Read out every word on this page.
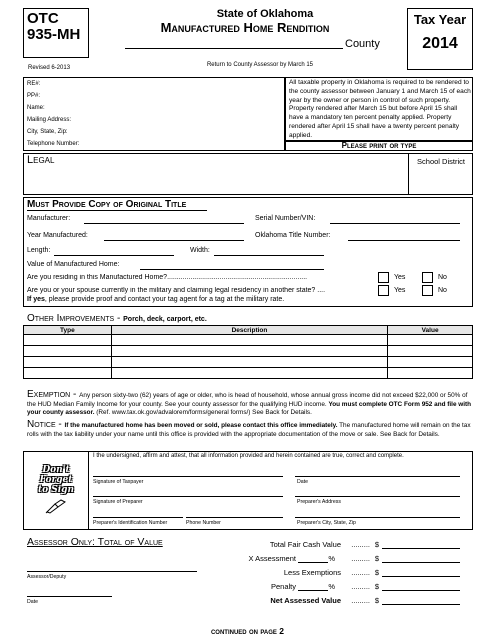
OTC
935-MH
Revised 6-2013
State of Oklahoma
Manufactured Home Rendition
County
Return to County Assessor by March 15
Tax Year
2014
RE#:
PP#:
Name:
Mailing Address:
City, State, Zip:
Telephone Number:
All taxable property in Oklahoma is required to be rendered to the county assessor between January 1 and March 15 of each year by the owner or person in control of such property. Property rendered after March 15 but before April 15 shall have a mandatory ten percent penalty applied. Property rendered after April 15 shall have a twenty percent penalty applied.
Please print or type
Legal	School District
Must Provide Copy of Original Title
Manufacturer:	Serial Number/VIN:
Year Manufactured:	Oklahoma Title Number:
Length:	Width:
Value of Manufactured Home:
Are you residing in this Manufactured Home?........................................................................	Yes	No
Are you or your spouse currently in the military and claiming legal residency in another state? ....	Yes	No
If yes, please provide proof and contact your tag agent for a tag at the military rate.
Other Improvements - Porch, deck, carport, etc.
Type	Description	Value

Exemption - Any person sixty-two (62) years of age or older, who is head of household, whose annual gross income did not exceed $22,000 or 50% of the HUD Median Family Income for your county. See your county assessor for the qualifying HUD income. You must complete OTC Form 952 and file with your county assessor. (Ref. www.tax.ok.gov/advalorem/forms/general forms/) See Back for Details.
Notice - If the manufactured home has been moved or sold, please contact this office immediately. The manufactured home will remain on the tax rolls with the tax liability under your name until this office is provided with the appropriate documentation of the move or sale. See Back for Details.
Don't Forget
to Sign
I the undersigned, affirm and attest, that all information provided and herein contained are true, correct and complete.
Signature of Taxpayer	Date
Signature of Preparer	Preparer's Address
Preparer's Identification Number	Phone Number	Preparer's City, State, Zip
Assessor Only: Total of Value
Assessor/Deputy
Date
Total Fair Cash Value ......... $
%
X Assessment	......... $
Less Exemptions ......... $
%
Penalty	......... $
Net Assessed Value ......... $
continued on page 2
